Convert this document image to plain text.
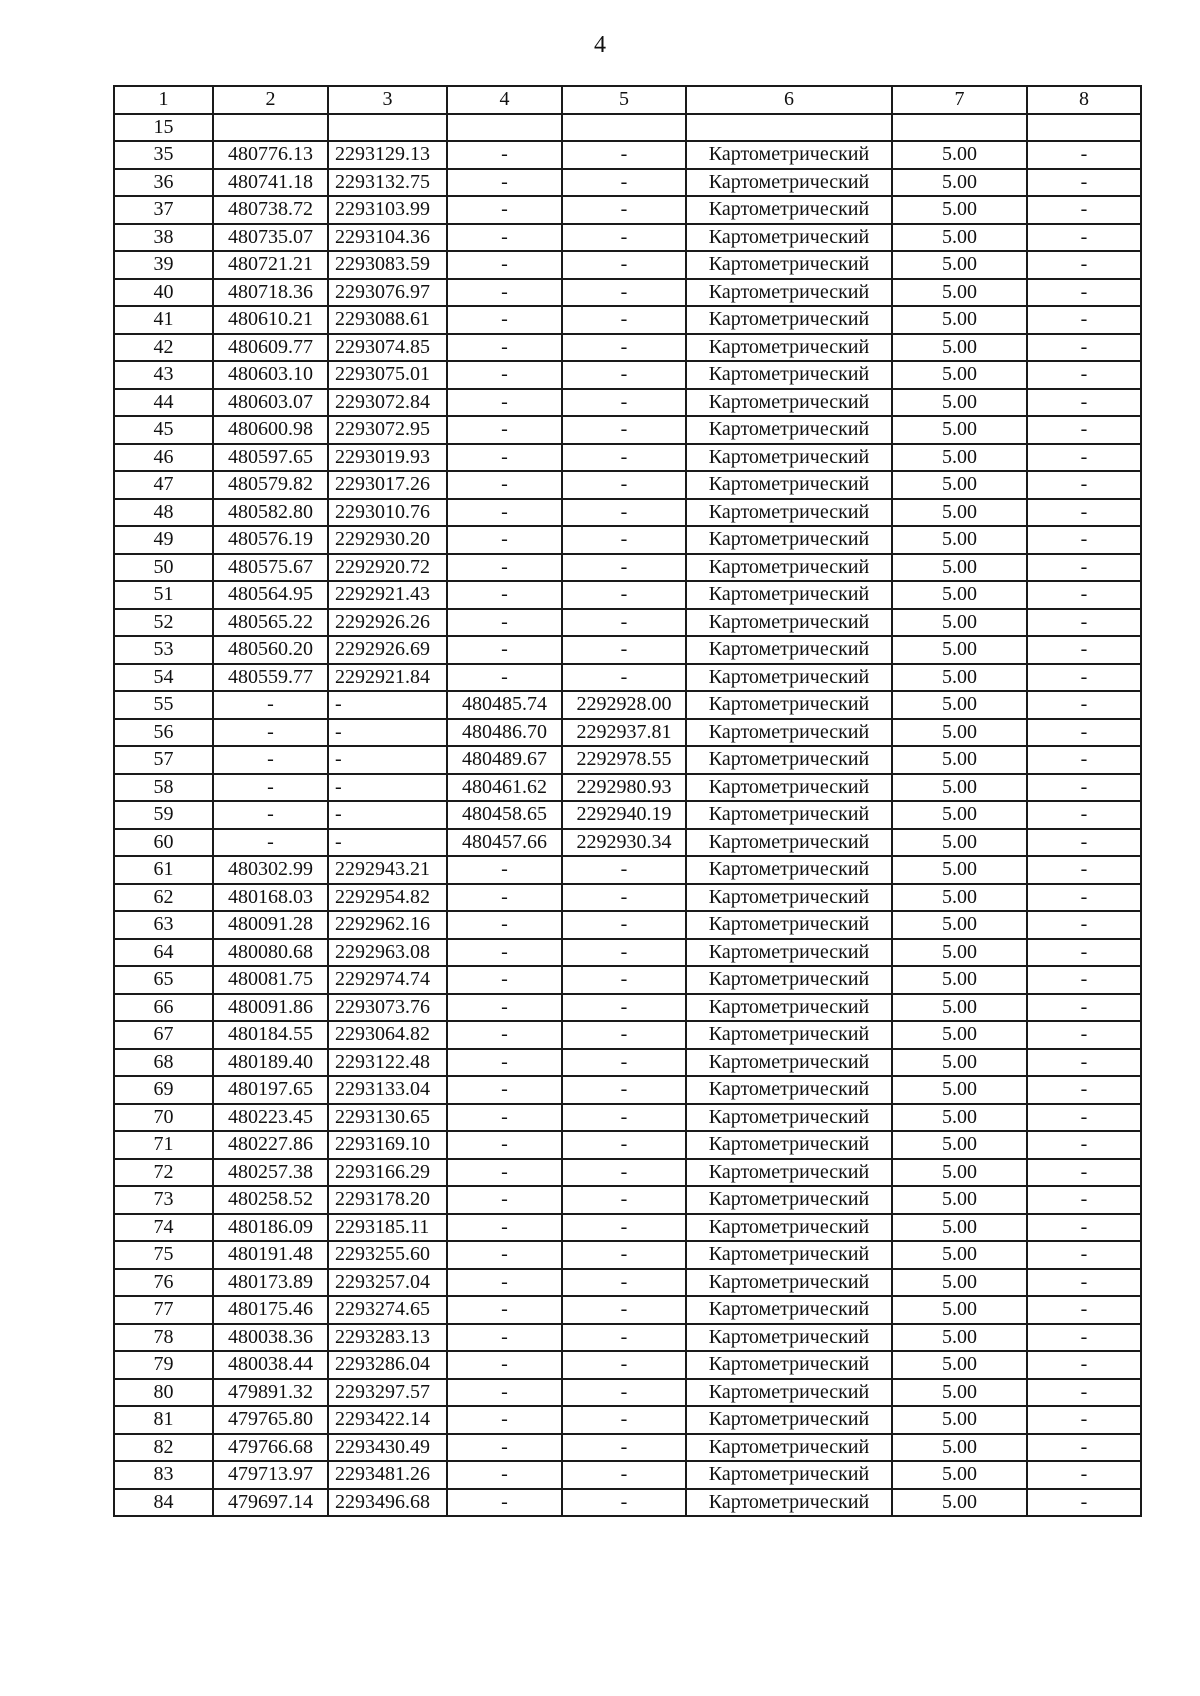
4
1	2	3	4	5	6	7	8
15							
35	480776.13	2293129.13	-	-	Картометрический	5.00	-
36	480741.18	2293132.75	-	-	Картометрический	5.00	-
37	480738.72	2293103.99	-	-	Картометрический	5.00	-
38	480735.07	2293104.36	-	-	Картометрический	5.00	-
39	480721.21	2293083.59	-	-	Картометрический	5.00	-
40	480718.36	2293076.97	-	-	Картометрический	5.00	-
41	480610.21	2293088.61	-	-	Картометрический	5.00	-
42	480609.77	2293074.85	-	-	Картометрический	5.00	-
43	480603.10	2293075.01	-	-	Картометрический	5.00	-
44	480603.07	2293072.84	-	-	Картометрический	5.00	-
45	480600.98	2293072.95	-	-	Картометрический	5.00	-
46	480597.65	2293019.93	-	-	Картометрический	5.00	-
47	480579.82	2293017.26	-	-	Картометрический	5.00	-
48	480582.80	2293010.76	-	-	Картометрический	5.00	-
49	480576.19	2292930.20	-	-	Картометрический	5.00	-
50	480575.67	2292920.72	-	-	Картометрический	5.00	-
51	480564.95	2292921.43	-	-	Картометрический	5.00	-
52	480565.22	2292926.26	-	-	Картометрический	5.00	-
53	480560.20	2292926.69	-	-	Картометрический	5.00	-
54	480559.77	2292921.84	-	-	Картометрический	5.00	-
55	-	-	480485.74	2292928.00	Картометрический	5.00	-
56	-	-	480486.70	2292937.81	Картометрический	5.00	-
57	-	-	480489.67	2292978.55	Картометрический	5.00	-
58	-	-	480461.62	2292980.93	Картометрический	5.00	-
59	-	-	480458.65	2292940.19	Картометрический	5.00	-
60	-	-	480457.66	2292930.34	Картометрический	5.00	-
61	480302.99	2292943.21	-	-	Картометрический	5.00	-
62	480168.03	2292954.82	-	-	Картометрический	5.00	-
63	480091.28	2292962.16	-	-	Картометрический	5.00	-
64	480080.68	2292963.08	-	-	Картометрический	5.00	-
65	480081.75	2292974.74	-	-	Картометрический	5.00	-
66	480091.86	2293073.76	-	-	Картометрический	5.00	-
67	480184.55	2293064.82	-	-	Картометрический	5.00	-
68	480189.40	2293122.48	-	-	Картометрический	5.00	-
69	480197.65	2293133.04	-	-	Картометрический	5.00	-
70	480223.45	2293130.65	-	-	Картометрический	5.00	-
71	480227.86	2293169.10	-	-	Картометрический	5.00	-
72	480257.38	2293166.29	-	-	Картометрический	5.00	-
73	480258.52	2293178.20	-	-	Картометрический	5.00	-
74	480186.09	2293185.11	-	-	Картометрический	5.00	-
75	480191.48	2293255.60	-	-	Картометрический	5.00	-
76	480173.89	2293257.04	-	-	Картометрический	5.00	-
77	480175.46	2293274.65	-	-	Картометрический	5.00	-
78	480038.36	2293283.13	-	-	Картометрический	5.00	-
79	480038.44	2293286.04	-	-	Картометрический	5.00	-
80	479891.32	2293297.57	-	-	Картометрический	5.00	-
81	479765.80	2293422.14	-	-	Картометрический	5.00	-
82	479766.68	2293430.49	-	-	Картометрический	5.00	-
83	479713.97	2293481.26	-	-	Картометрический	5.00	-
84	479697.14	2293496.68	-	-	Картометрический	5.00	-
